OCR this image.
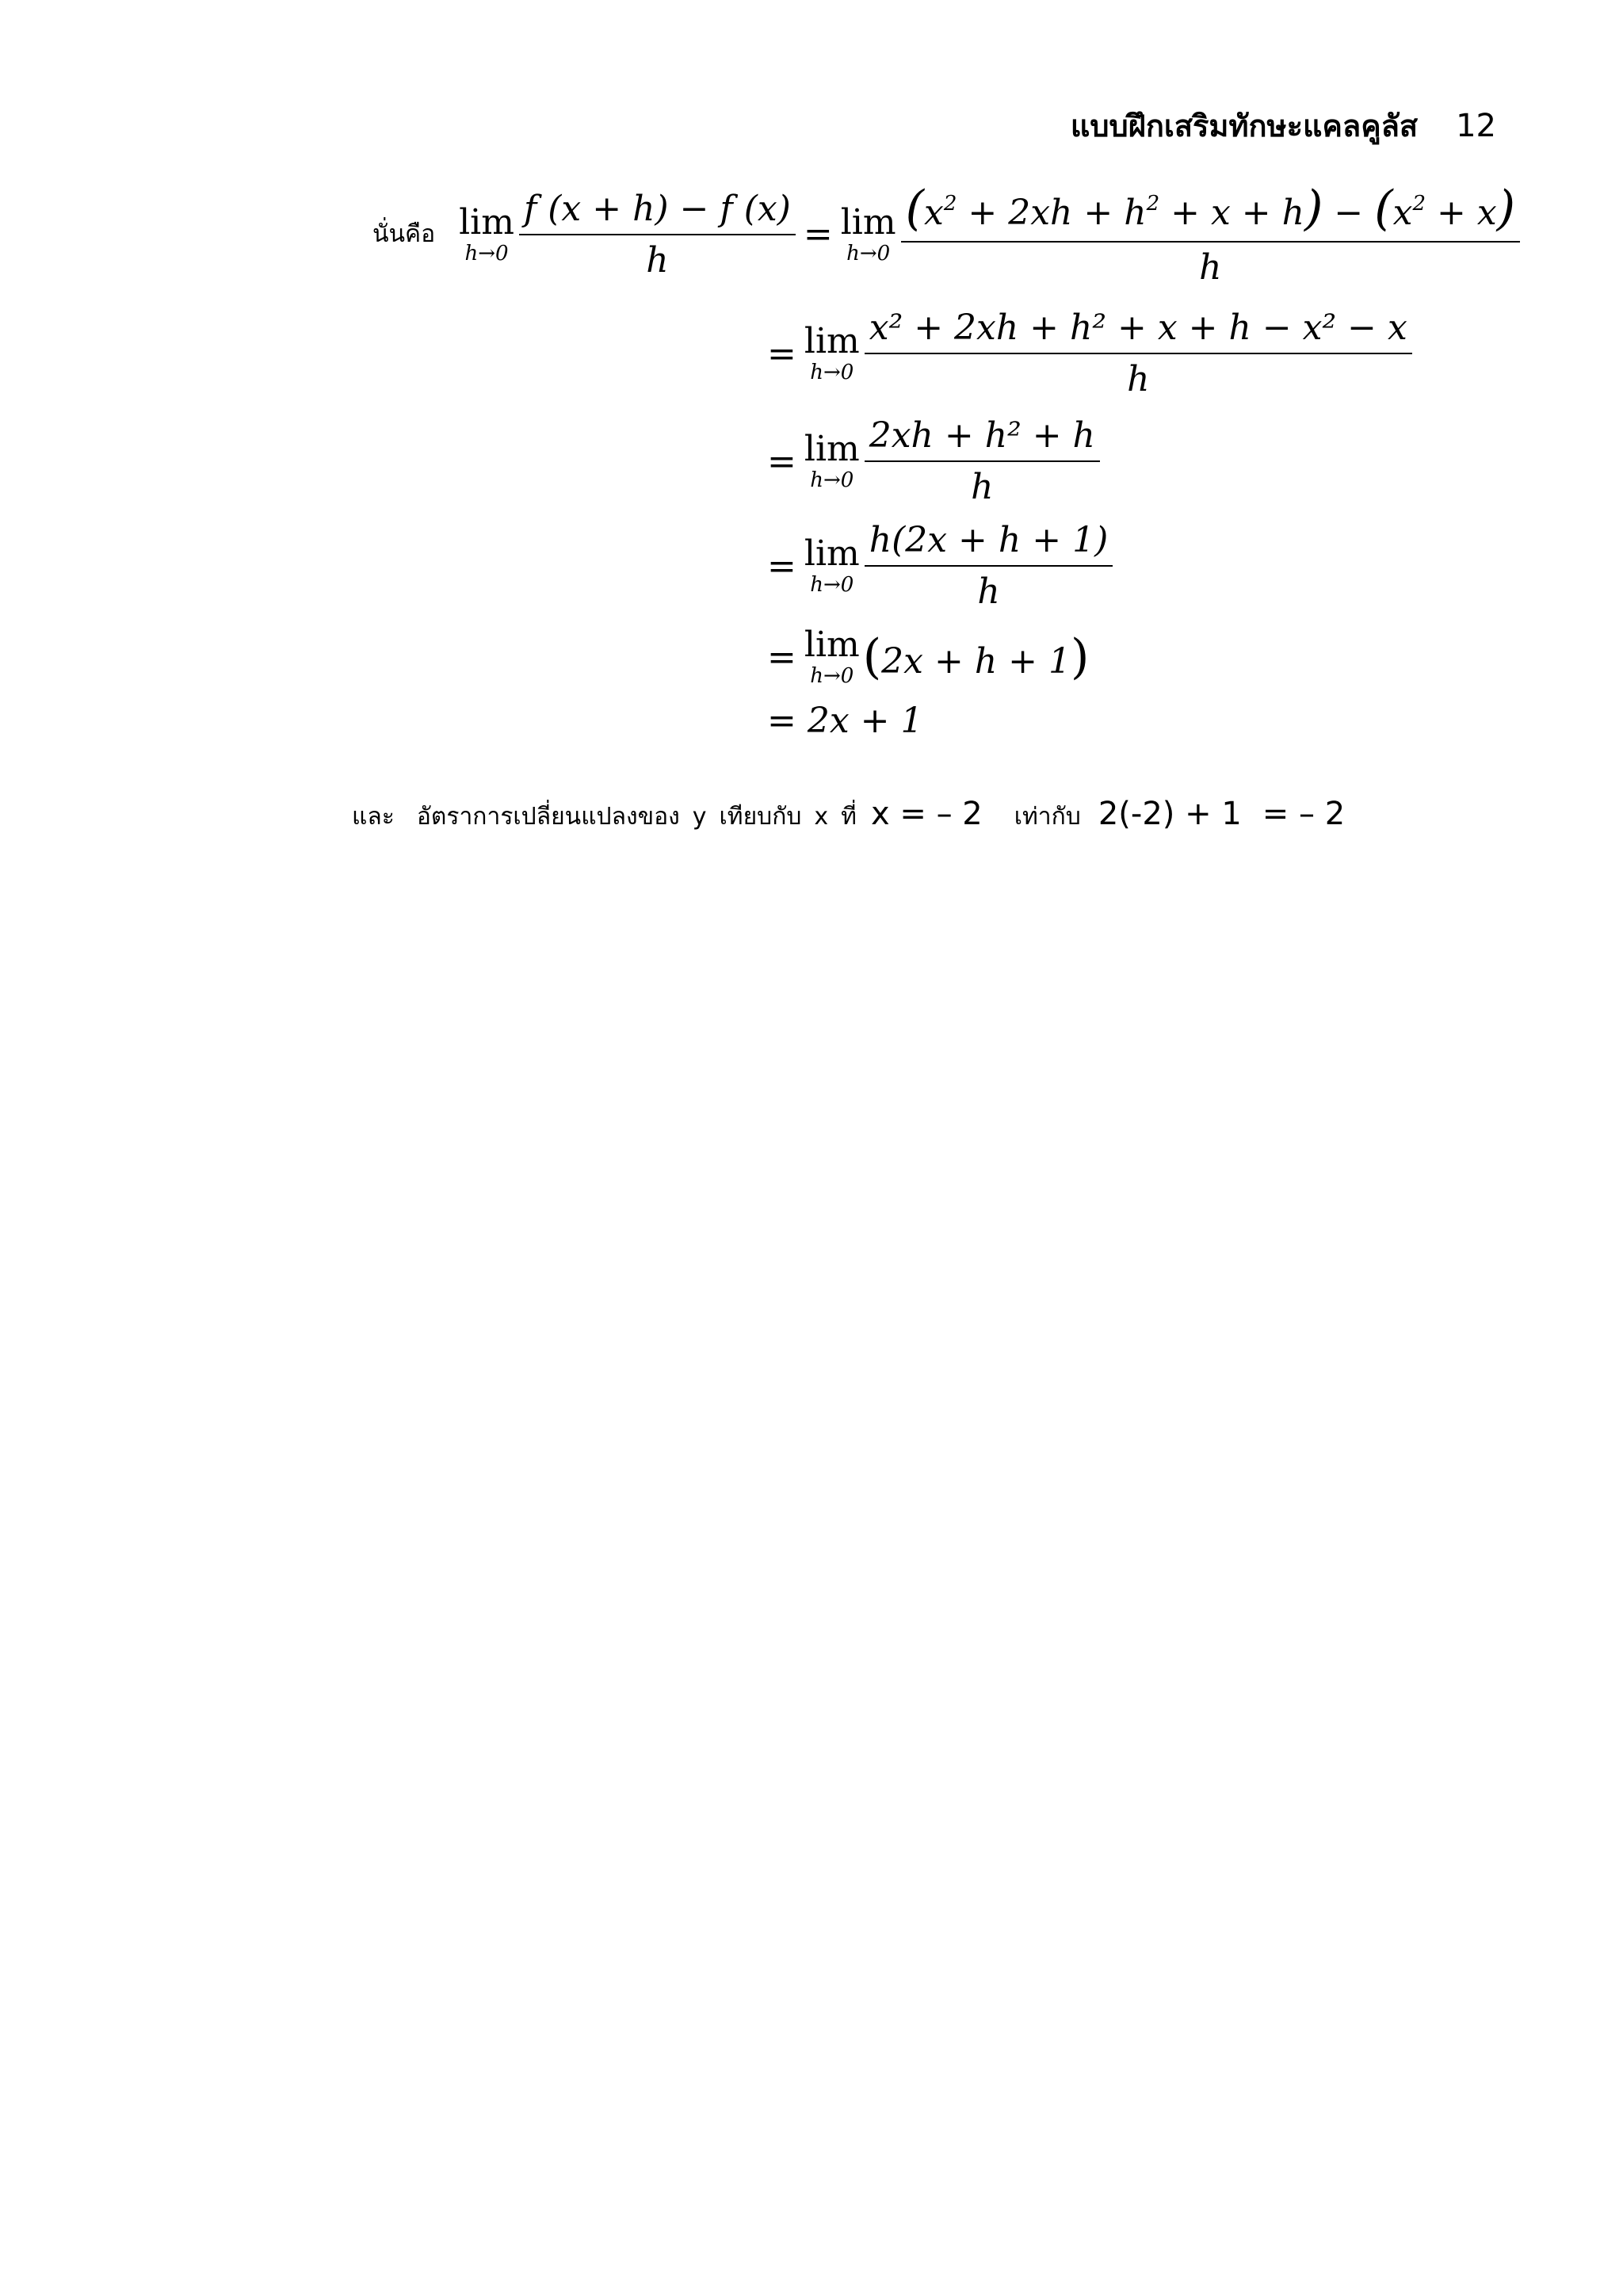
แบบฝึกเสริมทักษะแคลคูลัส 12
นั่นคือ lim
$h\to 0 \frac{f (x + h) - f (x)}{h} = \lim$
$h\to 0 \frac{(x^2 + 2xh + h^2 + x + h) - (x^2 + x)}{h}$
= lim
$h\to 0 \frac{\text{x² + 2xh + h² + x + h − x² − x}}{h}$
= lim
$h\to 0 \frac{\text{2xh + h² + h}}{h}$
= lim
$h\to 0 \frac{h(2x + h + 1)}{h}$
= lim
h→0 (2x + h + 1)
= 2x + 1
และ อัตราการเปลี่ยนแปลงของ y เทียบกับ x ที่ x = – 2 เท่ากับ 2(-2) + 1 = – 2
